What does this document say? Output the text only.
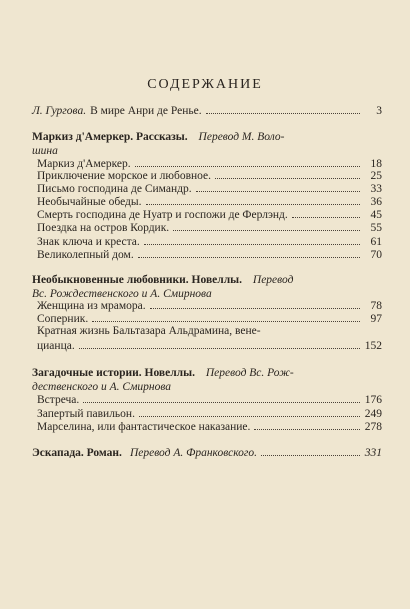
СОДЕРЖАНИЕ
Л. Гургова. В мире Анри де Ренье.	3
Маркиз д'Амеркер. Рассказы. Перевод М. Воло-
шина
Маркиз д'Амеркер.	18
Приключение морское и любовное.	25
Письмо господина де Симандр.	33
Необычайные обеды.	36
Смерть господина де Нуатр и госпожи де Ферлэнд.	45
Поездка на остров Кордик.	55
Знак ключа и креста.	61
Великолепный дом.	70
Необыкновенные любовники. Новеллы. Перевод
Вс. Рождественского и А. Смирнова
Женщина из мрамора.	78
Соперник.	97
Кратная жизнь Бальтазара Альдрамина, вене-
цианца.	152
Загадочные истории. Новеллы. Перевод Вс. Рож-
дественского и А. Смирнова
Встреча.	176
Запертый павильон.	249
Марселина, или фантастическое наказание.	278
Эскапада. Роман. Перевод А. Франковского.	331
